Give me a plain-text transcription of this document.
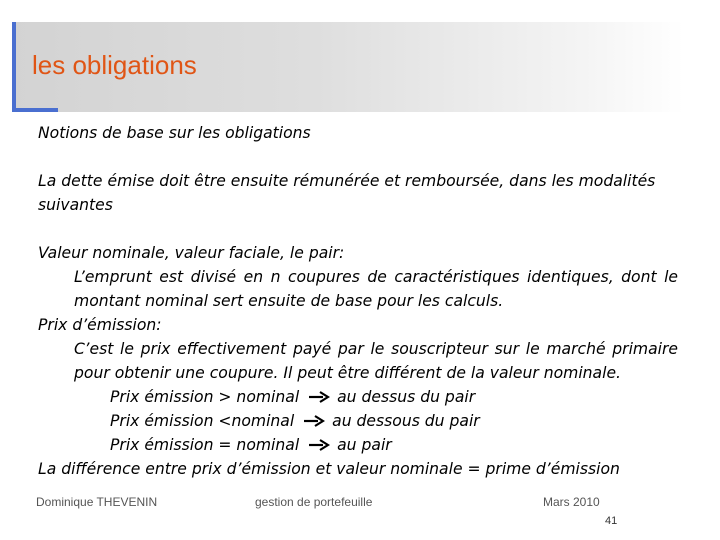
les obligations

Notions de base sur les obligations

La dette émise doit être ensuite rémunérée et remboursée, dans les modalités suivantes

Valeur nominale, valeur faciale, le pair:

L’emprunt est divisé en n coupures de caractéristiques identiques, dont le montant nominal sert ensuite de base pour les calculs.

Prix d’émission:

C’est le prix effectivement payé par le souscripteur sur le marché primaire pour obtenir une coupure. Il peut être différent de la valeur nominale.

Prix émission > nominal au dessus du pair

Prix émission <nominal au dessous du pair

Prix émission = nominal au pair

La différence entre prix d’émission et valeur nominale = prime d’émission

Dominique THEVENIN	gestion de portefeuille	Mars 2010
41
